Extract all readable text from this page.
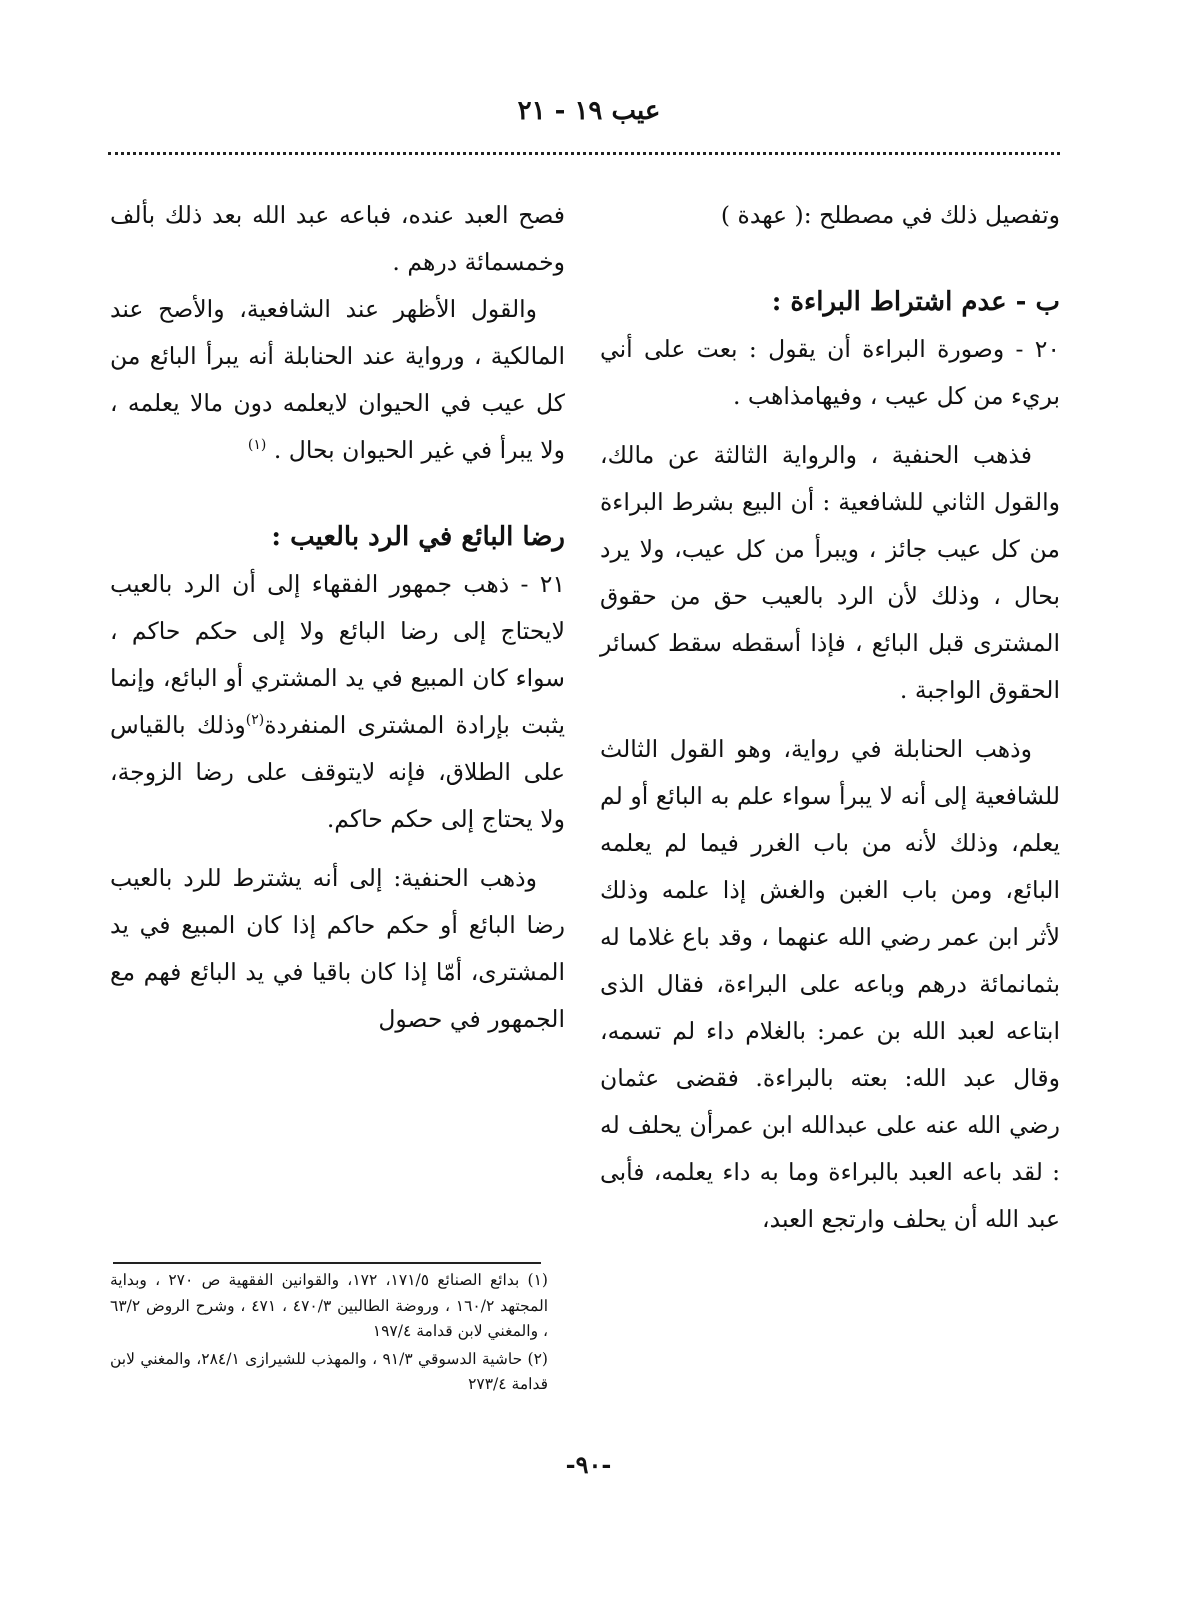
عيب ١٩ - ٢١

وتفصيل ذلك في مصطلح :( عهدة )

ب - عدم اشتراط البراءة :

٢٠ - وصورة البراءة أن يقول : بعت على أني بريء من كل عيب ، وفيهامذاهب .

فذهب الحنفية ، والرواية الثالثة عن مالك، والقول الثاني للشافعية : أن البيع بشرط البراءة من كل عيب جائز ، ويبرأ من كل عيب، ولا يرد بحال ، وذلك لأن الرد بالعيب حق من حقوق المشترى قبل البائع ، فإذا أسقطه سقط كسائر الحقوق الواجبة .

وذهب الحنابلة في رواية، وهو القول الثالث للشافعية إلى أنه لا يبرأ سواء علم به البائع أو لم يعلم، وذلك لأنه من باب الغرر فيما لم يعلمه البائع، ومن باب الغبن والغش إذا علمه وذلك لأثر ابن عمر رضي الله عنهما ، وقد باع غلاما له بثمانمائة درهم وباعه على البراءة، فقال الذى ابتاعه لعبد الله بن عمر: بالغلام داء لم تسمه، وقال عبد الله: بعته بالبراءة. فقضى عثمان رضي الله عنه على عبدالله ابن عمرأن يحلف له : لقد باعه العبد بالبراءة وما به داء يعلمه، فأبى عبد الله أن يحلف وارتجع العبد،

فصح العبد عنده، فباعه عبد الله بعد ذلك بألف وخمسمائة درهم .

والقول الأظهر عند الشافعية، والأصح عند المالكية ، ورواية عند الحنابلة أنه يبرأ البائع من كل عيب في الحيوان لايعلمه دون مالا يعلمه ، ولا يبرأ في غير الحيوان بحال . $^{(١)}$

رضا البائع في الرد بالعيب :

٢١ - ذهب جمهور الفقهاء إلى أن الرد بالعيب لايحتاج إلى رضا البائع ولا إلى حكم حاكم ، سواء كان المبيع في يد المشتري أو البائع، وإنما يثبت بإرادة المشترى المنفردة$^{(٢)}$وذلك بالقياس على الطلاق، فإنه لايتوقف على رضا الزوجة، ولا يحتاج إلى حكم حاكم.

وذهب الحنفية: إلى أنه يشترط للرد بالعيب رضا البائع أو حكم حاكم إذا كان المبيع في يد المشترى، أمّا إذا كان باقيا في يد البائع فهم مع الجمهور في حصول

(١) بدائع الصنائع ١٧١/٥، ١٧٢، والقوانين الفقهية ص ٢٧٠ ، وبداية المجتهد ١٦٠/٢ ، وروضة الطالبين ٤٧٠/٣ ، ٤٧١ ، وشرح الروض ٦٣/٢ ، والمغني لابن قدامة ١٩٧/٤

(٢) حاشية الدسوقي ٩١/٣ ، والمهذب للشيرازى ٢٨٤/١، والمغني لابن قدامة ٢٧٣/٤

-٩٠-
